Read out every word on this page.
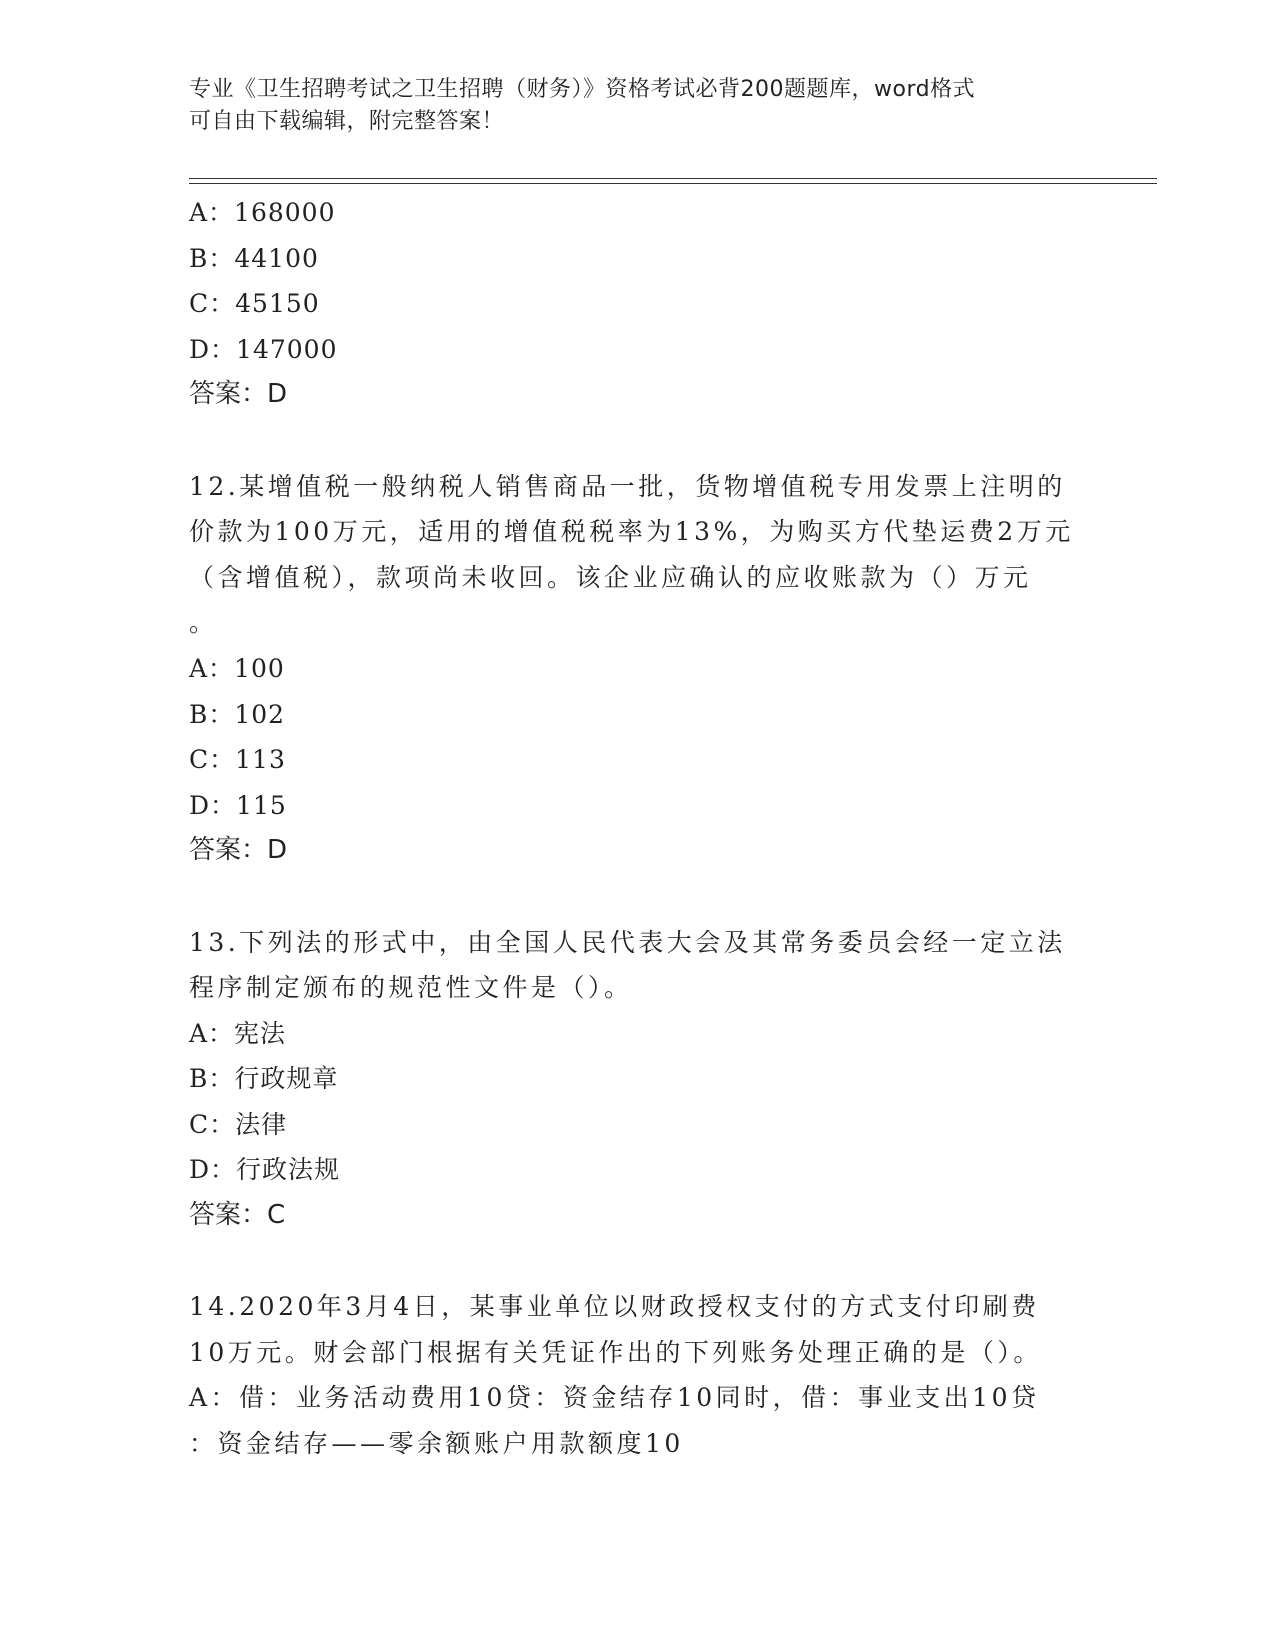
专业《卫生招聘考试之卫生招聘（财务）》资格考试必背200题题库，word格式
可自由下载编辑，附完整答案！
A：168000
B：44100
C：45150
D：147000
答案：D
12.某增值税一般纳税人销售商品一批，货物增值税专用发票上注明的
价款为100万元，适用的增值税税率为13%，为购买方代垫运费2万元
（含增值税），款项尚未收回。该企业应确认的应收账款为（）万元
。
A：100
B：102
C：113
D：115
答案：D
13.下列法的形式中，由全国人民代表大会及其常务委员会经一定立法
程序制定颁布的规范性文件是（）。
A：宪法
B：行政规章
C：法律
D：行政法规
答案：C
14.2020年3月4日，某事业单位以财政授权支付的方式支付印刷费
10万元。财会部门根据有关凭证作出的下列账务处理正确的是（）。
A：借：业务活动费用10贷：资金结存10同时，借：事业支出10贷
：资金结存——零余额账户用款额度10
